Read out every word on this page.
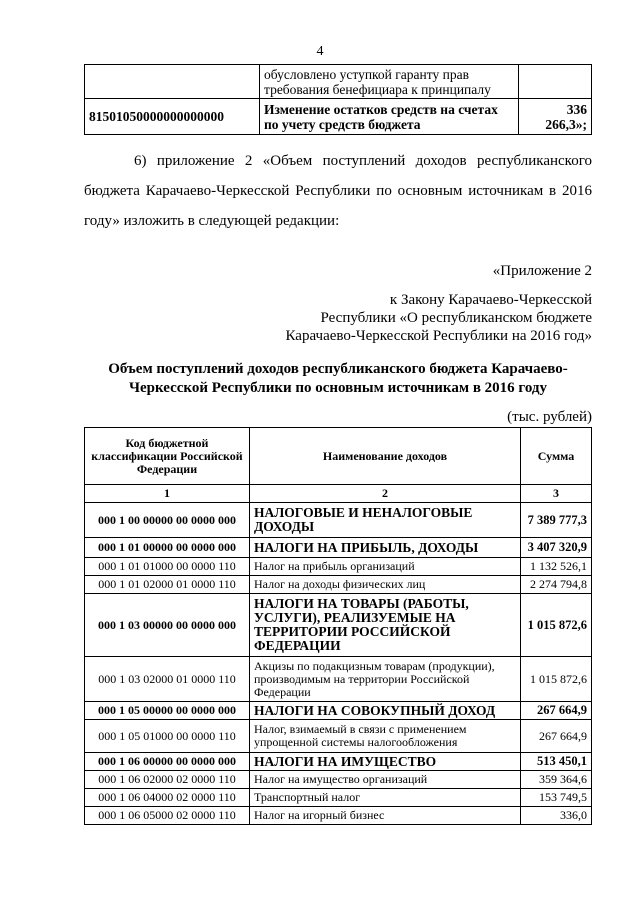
4
	обусловлено уступкой гаранту прав требования бенефициара к принципалу	
81501050000000000000	Изменение остатков средств на счетах по учету средств бюджета	336 266,3»;
6) приложение 2 «Объем поступлений доходов республиканского бюджета Карачаево-Черкесской Республики по основным источникам в 2016 году» изложить в следующей редакции:
«Приложение 2
к Закону Карачаево-Черкесской
Республики «О республиканском бюджете
Карачаево-Черкесской Республики на 2016 год»
Объем поступлений доходов республиканского бюджета Карачаево-Черкесской Республики по основным источникам в 2016 году
(тыс. рублей)
Код бюджетной классификации Российской Федерации	Наименование доходов	Сумма
1	2	3
000 1 00 00000 00 0000 000	НАЛОГОВЫЕ И НЕНАЛОГОВЫЕ ДОХОДЫ	7 389 777,3
000 1 01 00000 00 0000 000	НАЛОГИ НА ПРИБЫЛЬ, ДОХОДЫ	3 407 320,9
000 1 01 01000 00 0000 110	Налог на прибыль организаций	1 132 526,1
000 1 01 02000 01 0000 110	Налог на доходы физических лиц	2 274 794,8
000 1 03 00000 00 0000 000	НАЛОГИ НА ТОВАРЫ (РАБОТЫ, УСЛУГИ), РЕАЛИЗУЕМЫЕ НА ТЕРРИТОРИИ РОССИЙСКОЙ ФЕДЕРАЦИИ	1 015 872,6
000 1 03 02000 01 0000 110	Акцизы по подакцизным товарам (продукции), производимым на территории Российской Федерации	1 015 872,6
000 1 05 00000 00 0000 000	НАЛОГИ НА СОВОКУПНЫЙ ДОХОД	267 664,9
000 1 05 01000 00 0000 110	Налог, взимаемый в связи с применением упрощенной системы налогообложения	267 664,9
000 1 06 00000 00 0000 000	НАЛОГИ НА ИМУЩЕСТВО	513 450,1
000 1 06 02000 02 0000 110	Налог на имущество организаций	359 364,6
000 1 06 04000 02 0000 110	Транспортный налог	153 749,5
000 1 06 05000 02 0000 110	Налог на игорный бизнес	336,0
